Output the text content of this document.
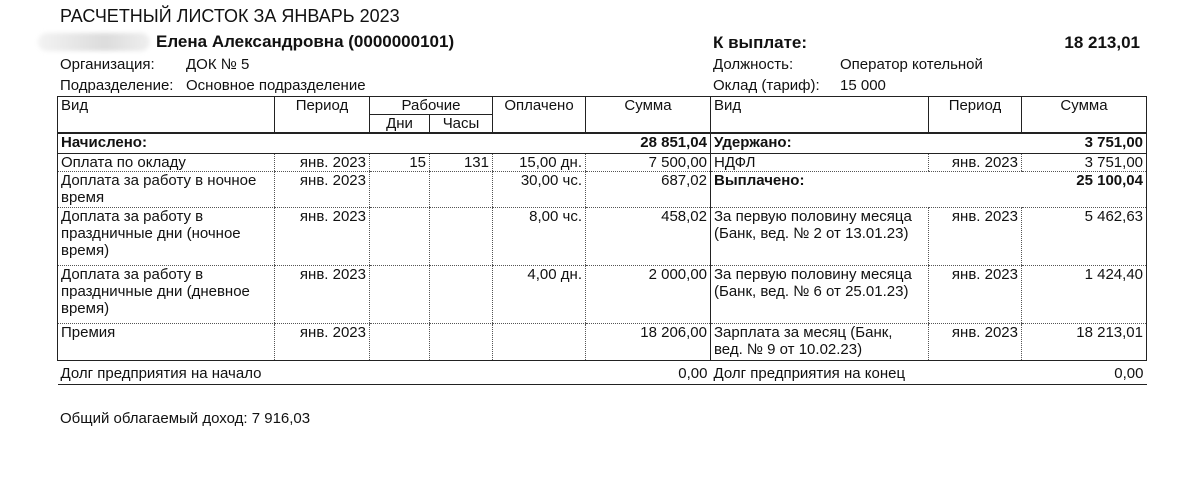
РАСЧЕТНЫЙ ЛИСТОК ЗА ЯНВАРЬ 2023
Елена Александровна (0000000101)	К выплате:	18 213,01
Организация: ДОК № 5
Подразделение: Основное подразделение
Должность:	Оператор котельной
Оклад (тариф): 15 000
Вид	Период	Рабочие		Оплачено	Сумма	Вид	Период	Сумма
		Дни	Часы					
Начислено:					28 851,04	Удержано:		3 751,00
Оплата по окладу	янв. 2023	15	131	15,00 дн.	7 500,00	НДФЛ	янв. 2023	3 751,00
Доплата за работу в ночное время	янв. 2023			30,00 чс.	687,02	Выплачено:		25 100,04
Доплата за работу в праздничные дни (ночное время)	янв. 2023			8,00 чс.	458,02	За первую половину месяца (Банк, вед. № 2 от 13.01.23)	янв. 2023	5 462,63
Доплата за работу в праздничные дни (дневное время)	янв. 2023			4,00 дн.	2 000,00	За первую половину месяца (Банк, вед. № 6 от 25.01.23)	янв. 2023	1 424,40
Премия	янв. 2023				18 206,00	Зарплата за месяц (Банк, вед. № 9 от 10.02.23)	янв. 2023	18 213,01
Долг предприятия на начало					0,00	Долг предприятия на конец		0,00
Общий облагаемый доход: 7 916,03
